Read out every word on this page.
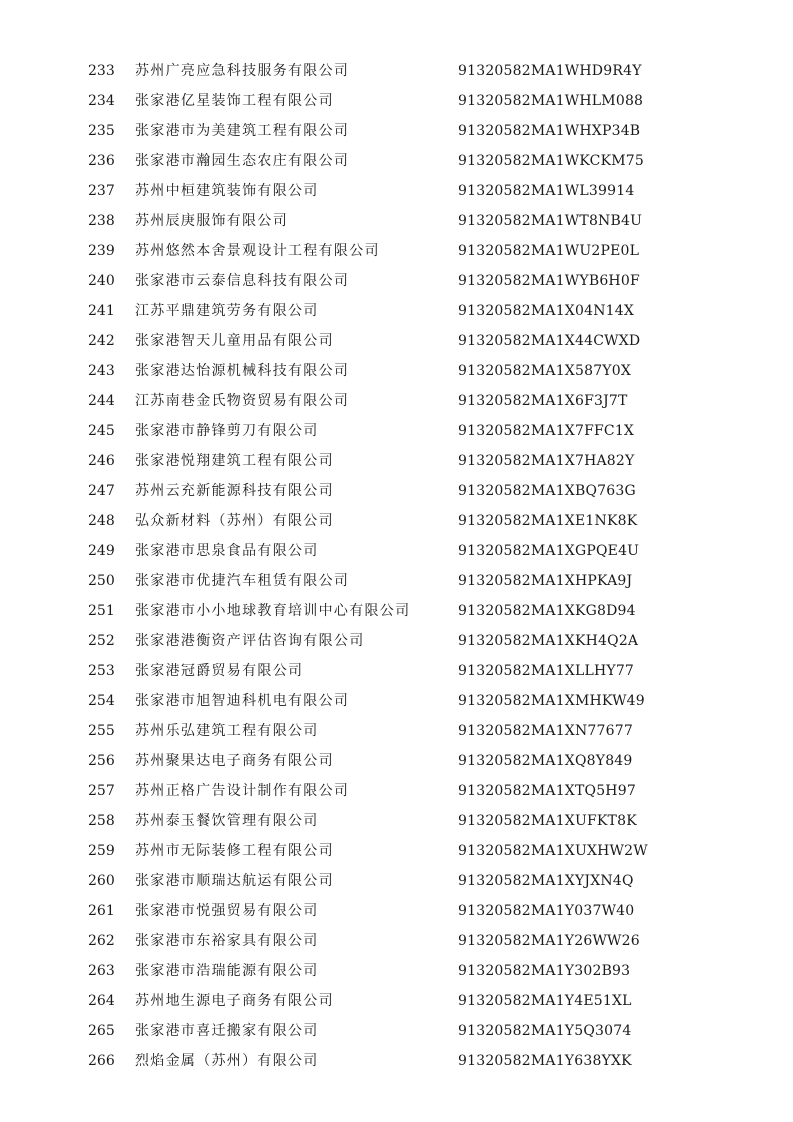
233	苏州广亮应急科技服务有限公司	91320582MA1WHD9R4Y
234	张家港亿星装饰工程有限公司	91320582MA1WHLM088
235	张家港市为美建筑工程有限公司	91320582MA1WHXP34B
236	张家港市瀚园生态农庄有限公司	91320582MA1WKCKM75
237	苏州中桓建筑装饰有限公司	91320582MA1WL39914
238	苏州辰庚服饰有限公司	91320582MA1WT8NB4U
239	苏州悠然本舍景观设计工程有限公司	91320582MA1WU2PE0L
240	张家港市云泰信息科技有限公司	91320582MA1WYB6H0F
241	江苏平鼎建筑劳务有限公司	91320582MA1X04N14X
242	张家港智天儿童用品有限公司	91320582MA1X44CWXD
243	张家港达怡源机械科技有限公司	91320582MA1X587Y0X
244	江苏南巷金氏物资贸易有限公司	91320582MA1X6F3J7T
245	张家港市静锋剪刀有限公司	91320582MA1X7FFC1X
246	张家港悦翔建筑工程有限公司	91320582MA1X7HA82Y
247	苏州云充新能源科技有限公司	91320582MA1XBQ763G
248	弘众新材料（苏州）有限公司	91320582MA1XE1NK8K
249	张家港市思泉食品有限公司	91320582MA1XGPQE4U
250	张家港市优捷汽车租赁有限公司	91320582MA1XHPKA9J
251	张家港市小小地球教育培训中心有限公司	91320582MA1XKG8D94
252	张家港港衡资产评估咨询有限公司	91320582MA1XKH4Q2A
253	张家港冠爵贸易有限公司	91320582MA1XLLHY77
254	张家港市旭智迪科机电有限公司	91320582MA1XMHKW49
255	苏州乐弘建筑工程有限公司	91320582MA1XN77677
256	苏州聚果达电子商务有限公司	91320582MA1XQ8Y849
257	苏州正格广告设计制作有限公司	91320582MA1XTQ5H97
258	苏州泰玉餐饮管理有限公司	91320582MA1XUFKT8K
259	苏州市无际装修工程有限公司	91320582MA1XUXHW2W
260	张家港市顺瑞达航运有限公司	91320582MA1XYJXN4Q
261	张家港市悦强贸易有限公司	91320582MA1Y037W40
262	张家港市东裕家具有限公司	91320582MA1Y26WW26
263	张家港市浩瑞能源有限公司	91320582MA1Y302B93
264	苏州地生源电子商务有限公司	91320582MA1Y4E51XL
265	张家港市喜迁搬家有限公司	91320582MA1Y5Q3074
266	烈焰金属（苏州）有限公司	91320582MA1Y638YXK
